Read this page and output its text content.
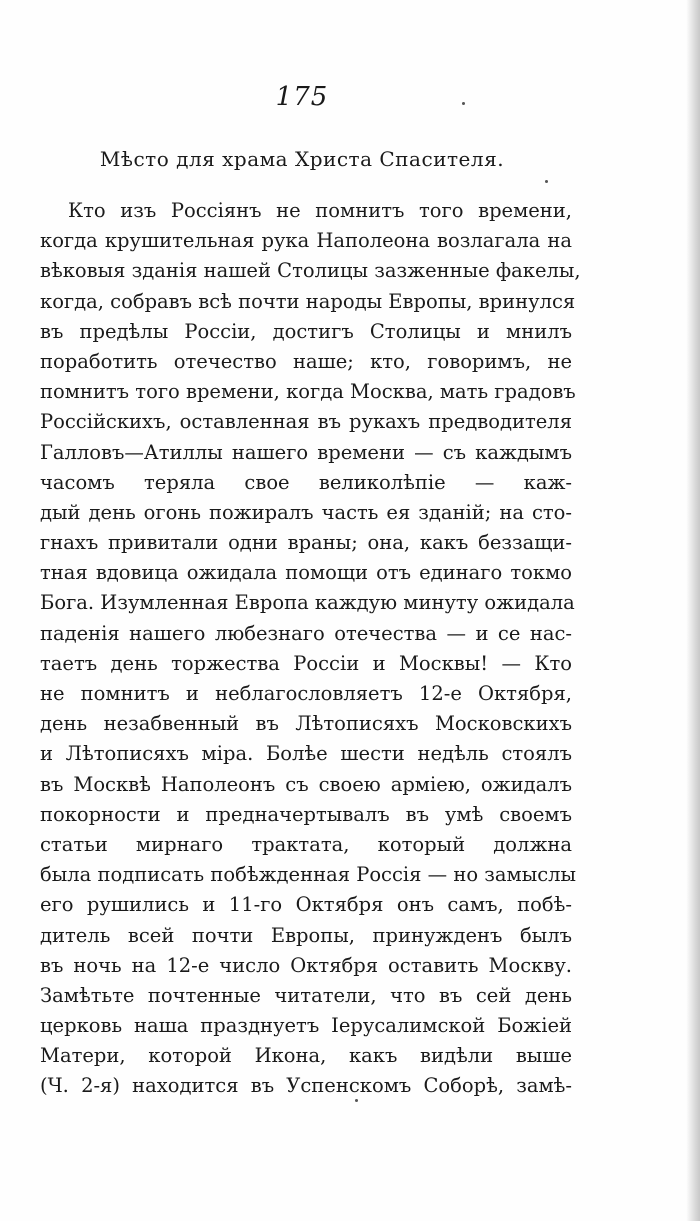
175
Мѣсто для храма Христа Спасителя.
Кто изъ Россіянъ не помнитъ того времени,
когда крушительная рука Наполеона возлагала на
вѣковыя зданія нашей Столицы зазженные факелы,
когда, собравъ всѣ почти народы Европы, вринулся
въ предѣлы Россіи, достигъ Столицы и мнилъ
поработить отечество наше; кто, говоримъ, не
помнитъ того времени, когда Москва, мать градовъ
Россійскихъ, оставленная въ рукахъ предводителя
Галловъ—Атиллы нашего времени — съ каждымъ
часомъ теряла свое великолѣпіе — каж-
дый день огонь пожиралъ часть ея зданій; на сто-
гнахъ привитали одни враны; она, какъ беззащи-
тная вдовица ожидала помощи отъ единаго токмо
Бога. Изумленная Европа каждую минуту ожидала
паденія нашего любезнаго отечества — и се нас-
таетъ день торжества Россіи и Москвы! — Кто
не помнитъ и неблагословляетъ 12-е Октября,
день незабвенный въ Лѣтописяхъ Московскихъ
и Лѣтописяхъ міра. Болѣе шести недѣль стоялъ
въ Москвѣ Наполеонъ съ своею арміею, ожидалъ
покорности и предначертывалъ въ умѣ своемъ
статьи мирнаго трактата, который должна
была подписать побѣжденная Россія — но замыслы
его рушились и 11-го Октября онъ самъ, побѣ-
дитель всей почти Европы, принужденъ былъ
въ ночь на 12-е число Октября оставить Москву.
Замѣтьте почтенные читатели, что въ сей день
церковь наша празднуетъ Іерусалимской Божіей
Матери, которой Икона, какъ видѣли выше
(Ч. 2-я) находится въ Успенскомъ Соборѣ, замѣ-
